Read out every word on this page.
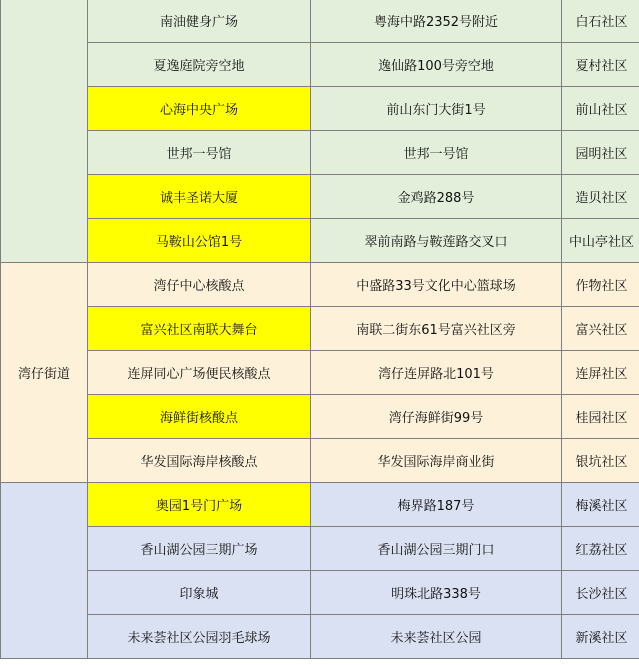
	南油健身广场	粤海中路2352号附近	白石社区
	夏逸庭院旁空地	逸仙路100号旁空地	夏村社区
	心海中央广场	前山东门大街1号	前山社区
	世邦一号馆	世邦一号馆	园明社区
	诚丰圣诺大厦	金鸡路288号	造贝社区
	马鞍山公馆1号	翠前南路与鞍莲路交叉口	中山亭社区
湾仔街道	湾仔中心核酸点	中盛路33号文化中心篮球场	作物社区
	富兴社区南联大舞台	南联二街东61号富兴社区旁	富兴社区
	连屏同心广场便民核酸点	湾仔连屏路北101号	连屏社区
	海鲜街核酸点	湾仔海鲜街99号	桂园社区
	华发国际海岸核酸点	华发国际海岸商业街	银坑社区
	奥园1号门广场	梅界路187号	梅溪社区
	香山湖公园三期广场	香山湖公园三期门口	红荔社区
	印象城	明珠北路338号	长沙社区
	未来荟社区公园羽毛球场	未来荟社区公园	新溪社区
